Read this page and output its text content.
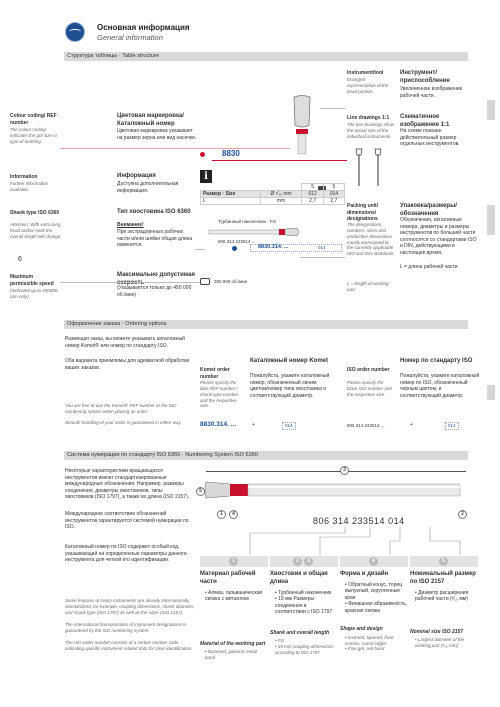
Основная информация
General information
6
Структура таблицы · Table structure
Instrument/tool
Enlarged representation of the head portion.
Инструмент/приспособление
Увеличенное изображение рабочей части.
Colour coding/ REF number
The colour coding indicates the grit size or type of toothing.
Цветовая маркировка/ Каталожный номер
Цветовая маркировка указывает на размер зерна или вид насечки.
Line drawings 1:1
The line drawings show the actual size of the individual instruments.
Схематичное изображение 1:1
На схеме показан действительный размер отдельных инструментов.
8830
i
Information
Further information available.
Информация
Доступна дополнительная информация.
		5	5
Размер · Size	Ø ¹⁄₁₀ mm	012	014
L	mm	2,7	2,7
Packing unit/ dimensions/ designations
The designations, numbers, sizes and production dimensions mostly correspond to the currently applicable ISO and DIN standards.
L = length of working part
Упаковка/размеры/ обозначения
Обозначения, каталожные номера, диаметры и размеры инструментов по большей части соотносятся со стандартами ISO и DIN, действующими в настоящее время.
L = длина рабочей части
Shank type ISO 6360
Attention: With extra-long head and/or neck the overall length will change.
Тип хвостовика ISO 6360
Внимание!
При экстрадлинных рабочих части и/или шейки общая длина изменится.
Турбинный наконечник · FG
806 314 233514 ...
8830.314. ...	014
Maximum permissible speed
(Indicated up to 450000 rpm only)
Максимально допустимая
(Указывается только до 450 000 об./мин)
300.000 об./мин
Оформление заказа · Ordering options
Размещая заказ, вы можете указывать каталожный номер Komet® или номер по стандарту ISO.
Оба варианта приемлемы для адекватной обработки ваших заказов.
You are free to use the Komet® REF number or the ISO numbering system when placing an order.
Smooth handling of your order is guaranteed in either way.
Komet order number
Please specify the blue REF number / shank type number and the respective size.
Каталожный номер Komet
Пожалуйста, укажите каталожный номер, обозначенный синим цветом/номер типа хвостовика и соответствующий диаметр.
ISO order number
Please specify the black ISO number and the respective size.
Номер по стандарту ISO
Пожалуйста, укажите каталожный номер по ISO, обозначенный черным цветом, и соответствующий диаметр.
8830.314. ...	+	014	806 314 233514 ...	+	014
Система нумерации по стандарту ISO 6360 · Numbering System ISO 6360
Некоторые характеристики вращающихся инструментов имеют стандартизированные международные обозначения. Например, размеры соединения, диаметры хвостовиков, типы хвостовиков (ISO 1797), а также их длина (ISO 2157).
Международное соответствие обозначений инструментов гарантируется системой нумерации по ISO.
Каталожный номер по ISO содержит особый код, указывающий на определенные параметры данного инструмента для четкой его идентификации.
Some features of rotary instruments are already internationally standardized, for example, coupling dimensions, shank diameter, and shank type (ISO 1797) as well as the sizes (ISO 2157).
The international harmonization of instrument designations is guaranteed by the ISO numbering system.
The ISO order number consists of a certain number code indicating specific instrument related data for clear identification.
3
5
1	4	2
806 314 233514 014
1
Материал рабочей части
• Алмаз, гальваническая связка с металлом
Material of the working part
• Diamond, galvanic metal bond
2	3
Хвостовик и общая длина
• Турбинный наконечник
• 19 мм Размеры соединения в соответствии с ISO 1797
Shank and overall length
• FG
• 19 mm coupling dimensions according to ISO 1797
4
Форма и дизайн
• Обратный конус, торец выпуклый, скругленные края
• Финишная абразивность, красная связка
Shape and design
• Inverted, tapered, front convex, round edges
• Fine grit, red band
5
Номинальный размер по ISO 2157
• Диаметр расширения рабочей части (¹⁄₁₀ мм)
Nominal size ISO 2157
• Largest diameter of the working part (¹⁄₁₀ mm)
